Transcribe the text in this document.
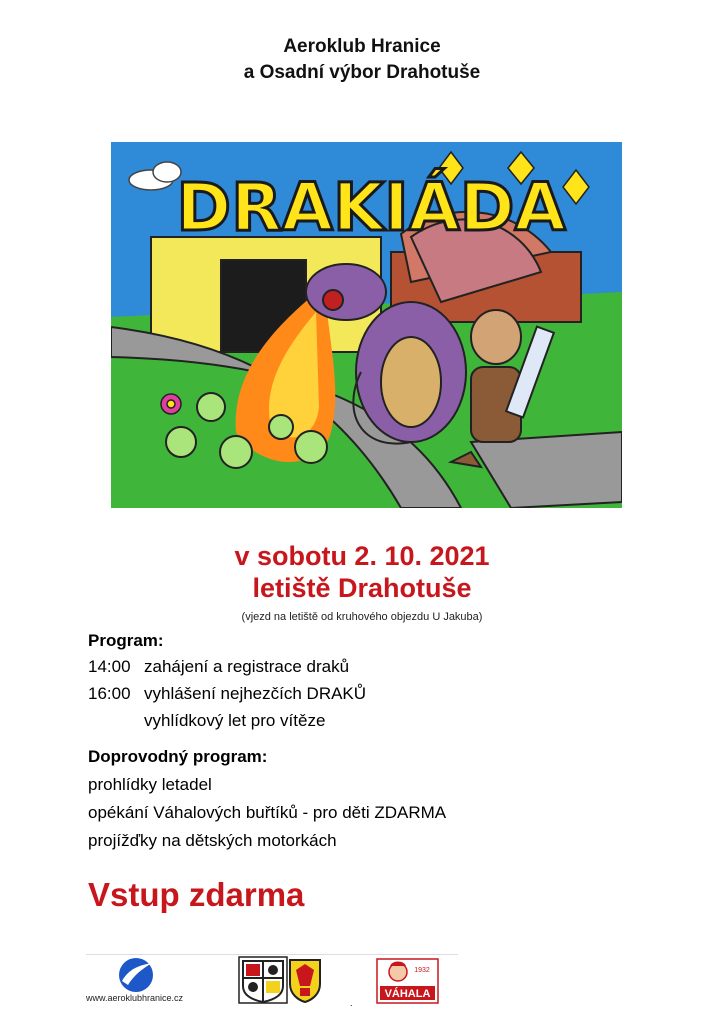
Aeroklub Hranice
a Osadní výbor Drahotuše
DRAKIÁDA
v sobotu 2. 10. 2021
letiště Drahotuše
(vjezd na letiště od kruhového objezdu U Jakuba)
Program:
14:00 zahájení a registrace draků
16:00 vyhlášení nejhezčích DRAKŮ
vyhlídkový let pro vítěze
Doprovodný program:
prohlídky letadel
opékání Váhalových buřtíků - pro děti ZDARMA
projížďky na dětských motorkách
Vstup zdarma
www.aeroklubhranice.cz	.
1932
VÁHALA
